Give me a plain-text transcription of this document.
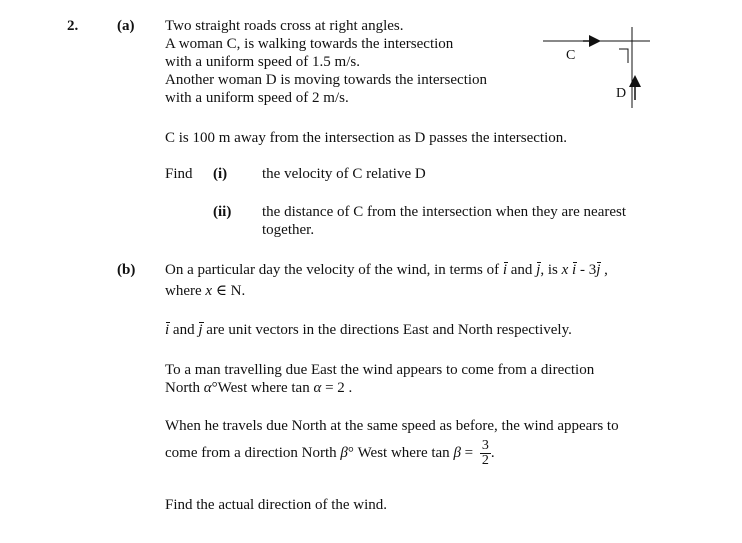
2.	(a) Two straight roads cross at right angles.
A woman C, is walking towards the intersection
with a uniform speed of 1.5 m/s.
Another woman D is moving towards the intersection
with a uniform speed of 2 m/s.
C
D
C is 100 m away from the intersection as D passes the intersection.
Find (i) the velocity of C relative D
(ii) the distance of C from the intersection when they are nearest
together.
(b) On a particular day the velocity of the wind, in terms of i and j, is x i - 3j ,
where x ∈ N.
i and j are unit vectors in the directions East and North respectively.
To a man travelling due East the wind appears to come from a direction
North α°West where tan α = 2 .
When he travels due North at the same speed as before, the wind appears to
come from a direction North β° West where $\tan \beta = \frac{3}{2}$ .
Find the actual direction of the wind.
